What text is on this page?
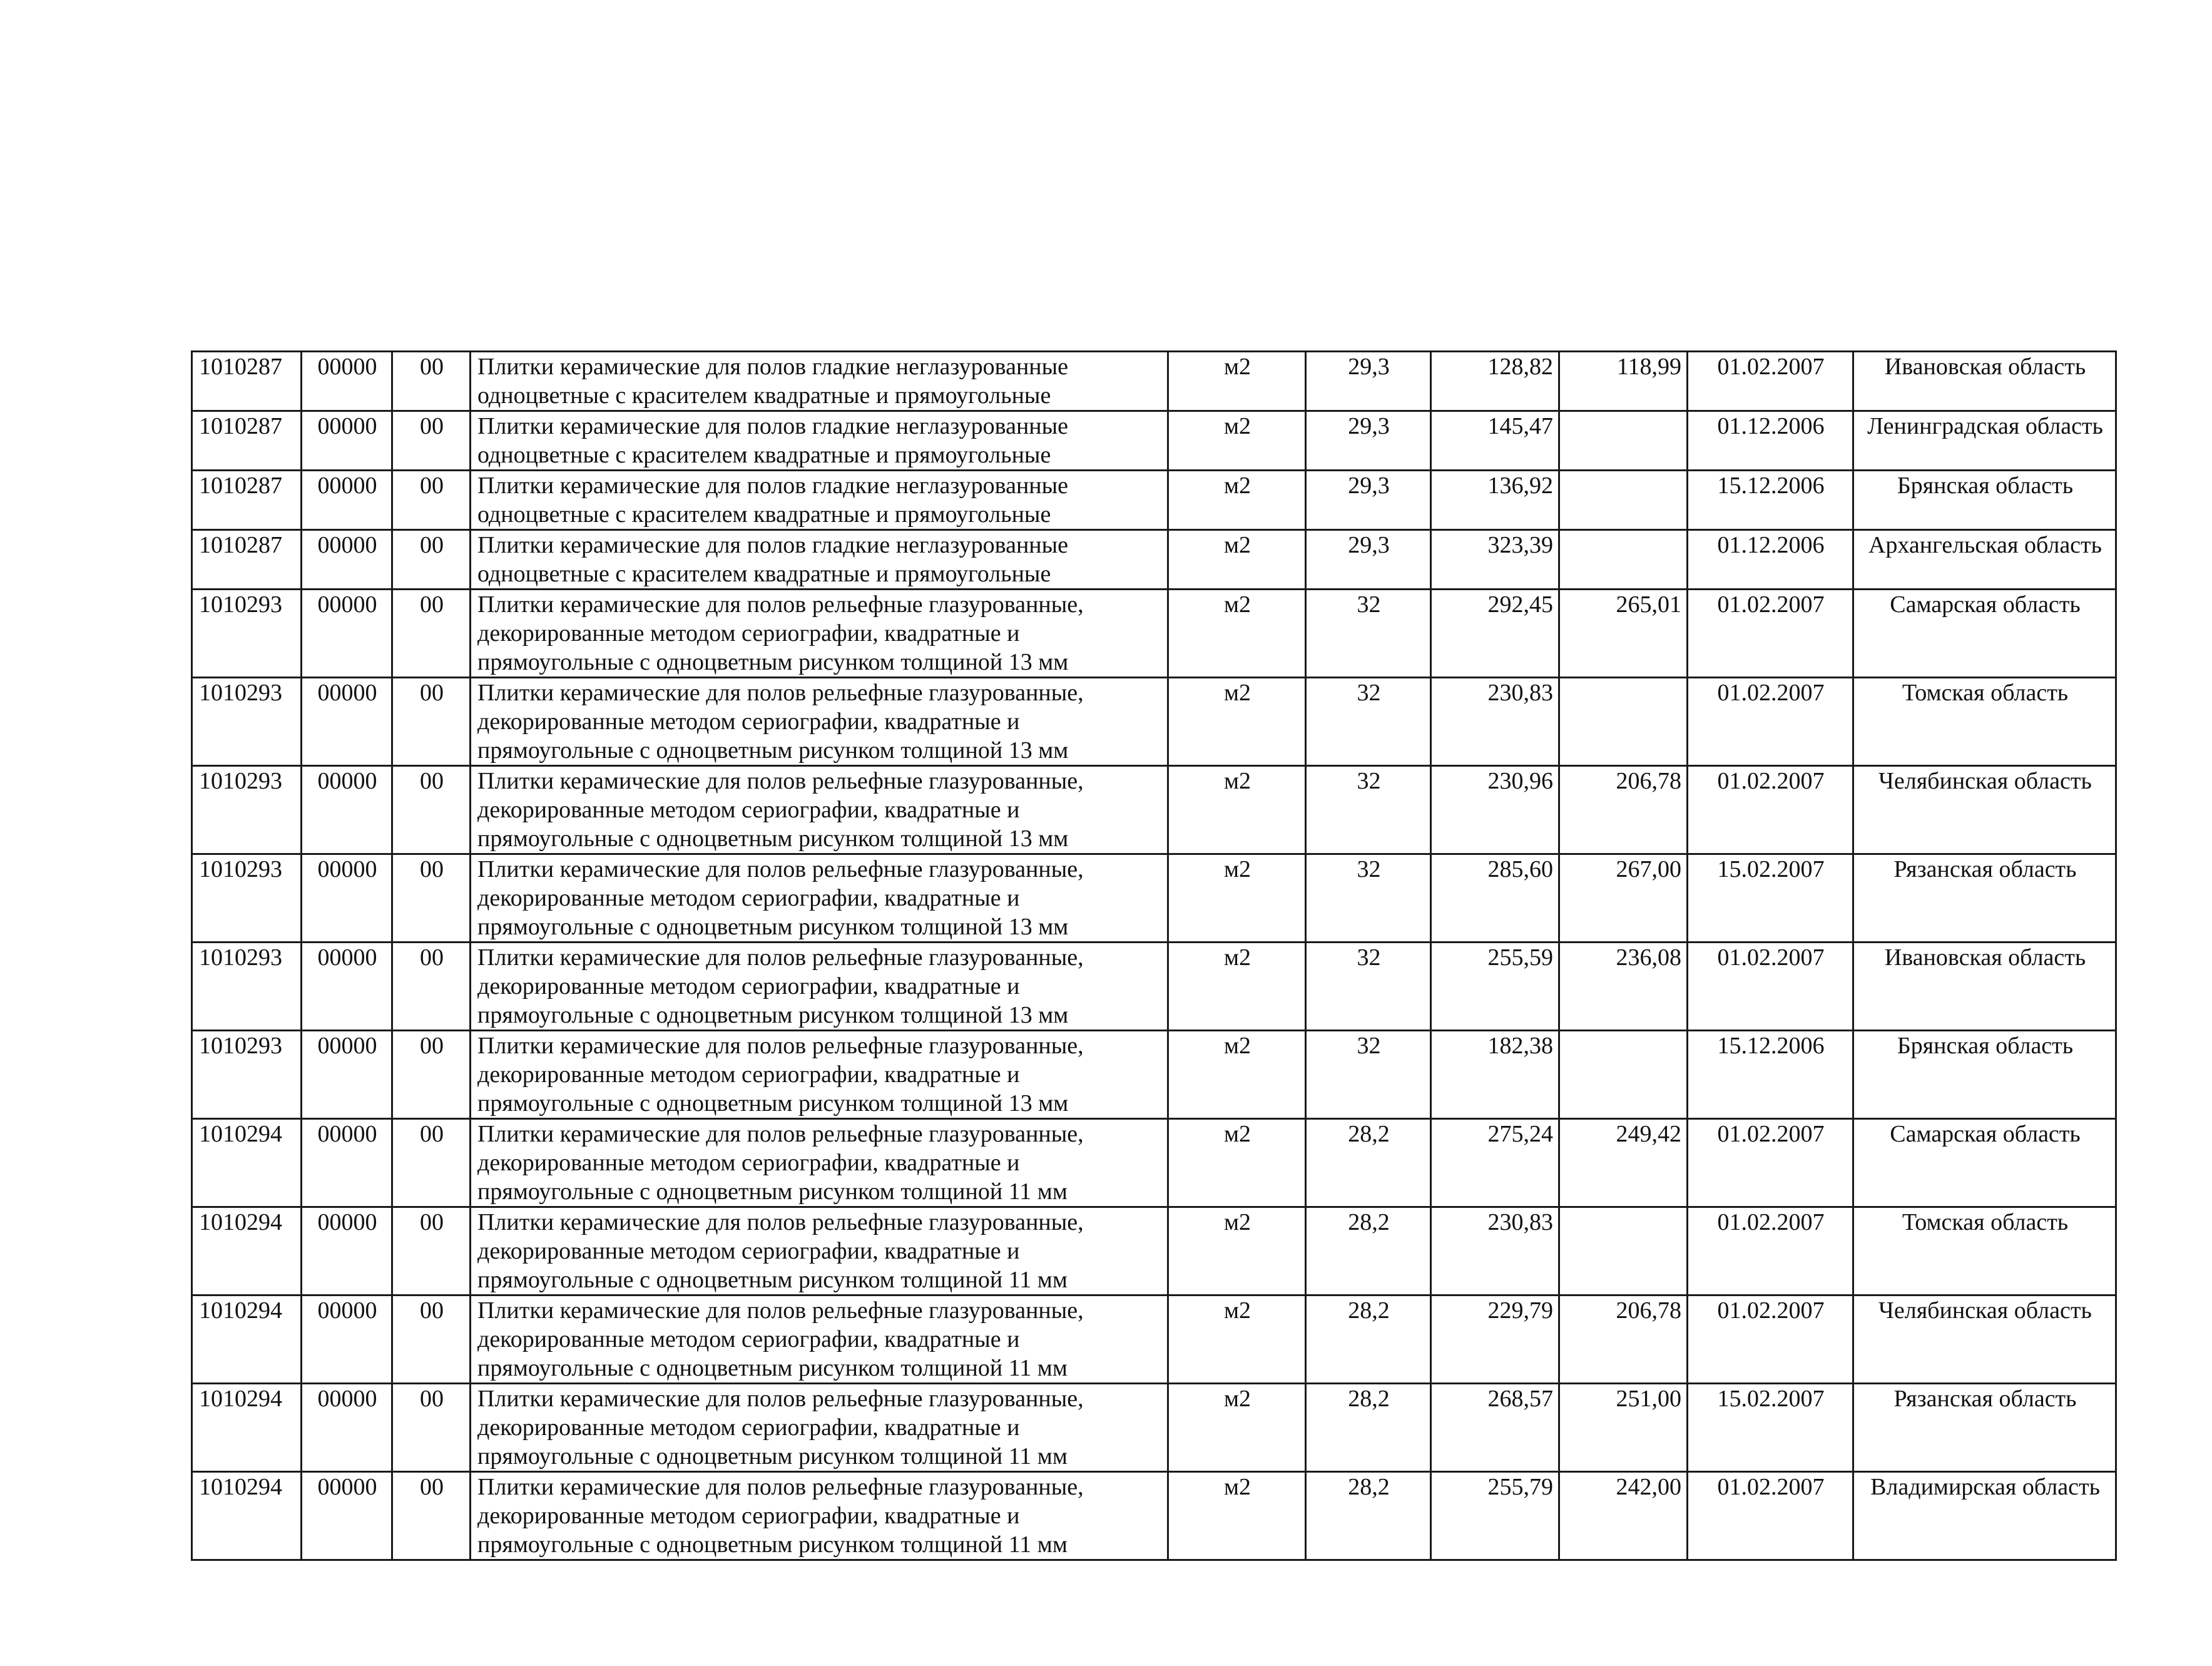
1010287	00000	00	Плитки керамические для полов гладкие неглазурованные одноцветные с красителем квадратные и прямоугольные	м2	29,3	128,82	118,99	01.02.2007	Ивановская область
1010287	00000	00	Плитки керамические для полов гладкие неглазурованные одноцветные с красителем квадратные и прямоугольные	м2	29,3	145,47		01.12.2006	Ленинградская область
1010287	00000	00	Плитки керамические для полов гладкие неглазурованные одноцветные с красителем квадратные и прямоугольные	м2	29,3	136,92		15.12.2006	Брянская область
1010287	00000	00	Плитки керамические для полов гладкие неглазурованные одноцветные с красителем квадратные и прямоугольные	м2	29,3	323,39		01.12.2006	Архангельская область
1010293	00000	00	Плитки керамические для полов рельефные глазурованные, декорированные методом сериографии, квадратные и прямоугольные с одноцветным рисунком толщиной 13 мм	м2	32	292,45	265,01	01.02.2007	Самарская область
1010293	00000	00	Плитки керамические для полов рельефные глазурованные, декорированные методом сериографии, квадратные и прямоугольные с одноцветным рисунком толщиной 13 мм	м2	32	230,83		01.02.2007	Томская область
1010293	00000	00	Плитки керамические для полов рельефные глазурованные, декорированные методом сериографии, квадратные и прямоугольные с одноцветным рисунком толщиной 13 мм	м2	32	230,96	206,78	01.02.2007	Челябинская область
1010293	00000	00	Плитки керамические для полов рельефные глазурованные, декорированные методом сериографии, квадратные и прямоугольные с одноцветным рисунком толщиной 13 мм	м2	32	285,60	267,00	15.02.2007	Рязанская область
1010293	00000	00	Плитки керамические для полов рельефные глазурованные, декорированные методом сериографии, квадратные и прямоугольные с одноцветным рисунком толщиной 13 мм	м2	32	255,59	236,08	01.02.2007	Ивановская область
1010293	00000	00	Плитки керамические для полов рельефные глазурованные, декорированные методом сериографии, квадратные и прямоугольные с одноцветным рисунком толщиной 13 мм	м2	32	182,38		15.12.2006	Брянская область
1010294	00000	00	Плитки керамические для полов рельефные глазурованные, декорированные методом сериографии, квадратные и прямоугольные с одноцветным рисунком толщиной 11 мм	м2	28,2	275,24	249,42	01.02.2007	Самарская область
1010294	00000	00	Плитки керамические для полов рельефные глазурованные, декорированные методом сериографии, квадратные и прямоугольные с одноцветным рисунком толщиной 11 мм	м2	28,2	230,83		01.02.2007	Томская область
1010294	00000	00	Плитки керамические для полов рельефные глазурованные, декорированные методом сериографии, квадратные и прямоугольные с одноцветным рисунком толщиной 11 мм	м2	28,2	229,79	206,78	01.02.2007	Челябинская область
1010294	00000	00	Плитки керамические для полов рельефные глазурованные, декорированные методом сериографии, квадратные и прямоугольные с одноцветным рисунком толщиной 11 мм	м2	28,2	268,57	251,00	15.02.2007	Рязанская область
1010294	00000	00	Плитки керамические для полов рельефные глазурованные, декорированные методом сериографии, квадратные и прямоугольные с одноцветным рисунком толщиной 11 мм	м2	28,2	255,79	242,00	01.02.2007	Владимирская область
